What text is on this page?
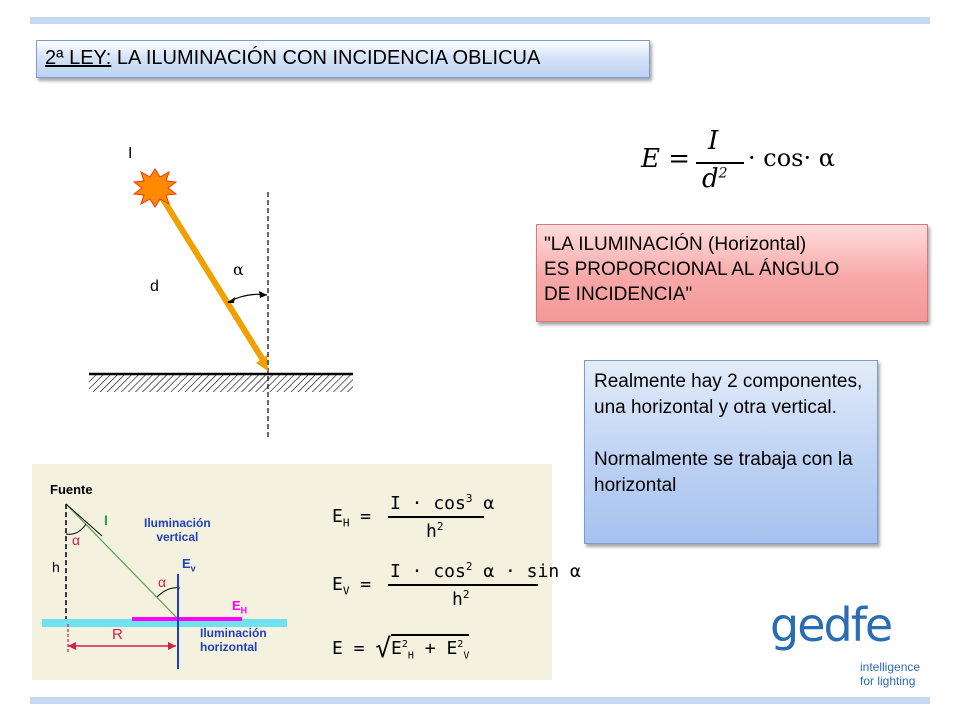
2ª LEY: LA ILUMINACIÓN CON INCIDENCIA OBLICUA
I
d
α
E =
I
$d^2$
· cos· α
"LA ILUMINACIÓN (Horizontal)
ES PROPORCIONAL AL ÁNGULO
DE INCIDENCIA"

Realmente hay 2 componentes, una horizontal y otra vertical.

Normalmente se trabaja con la horizontal

Fuente
I
α
α
h
R
$E_v$
$E_H$
Iluminación
vertical
Iluminación
horizontal
$E_H$ =
$I \cdot \cos^3 \alpha$
$h^2$
$E_V$ =
$I \cdot \cos^2 \alpha \cdot \sin \alpha$
$h^2$
$E = √E^2_H + E^2_V$
gedfe
intelligence
for lighting
